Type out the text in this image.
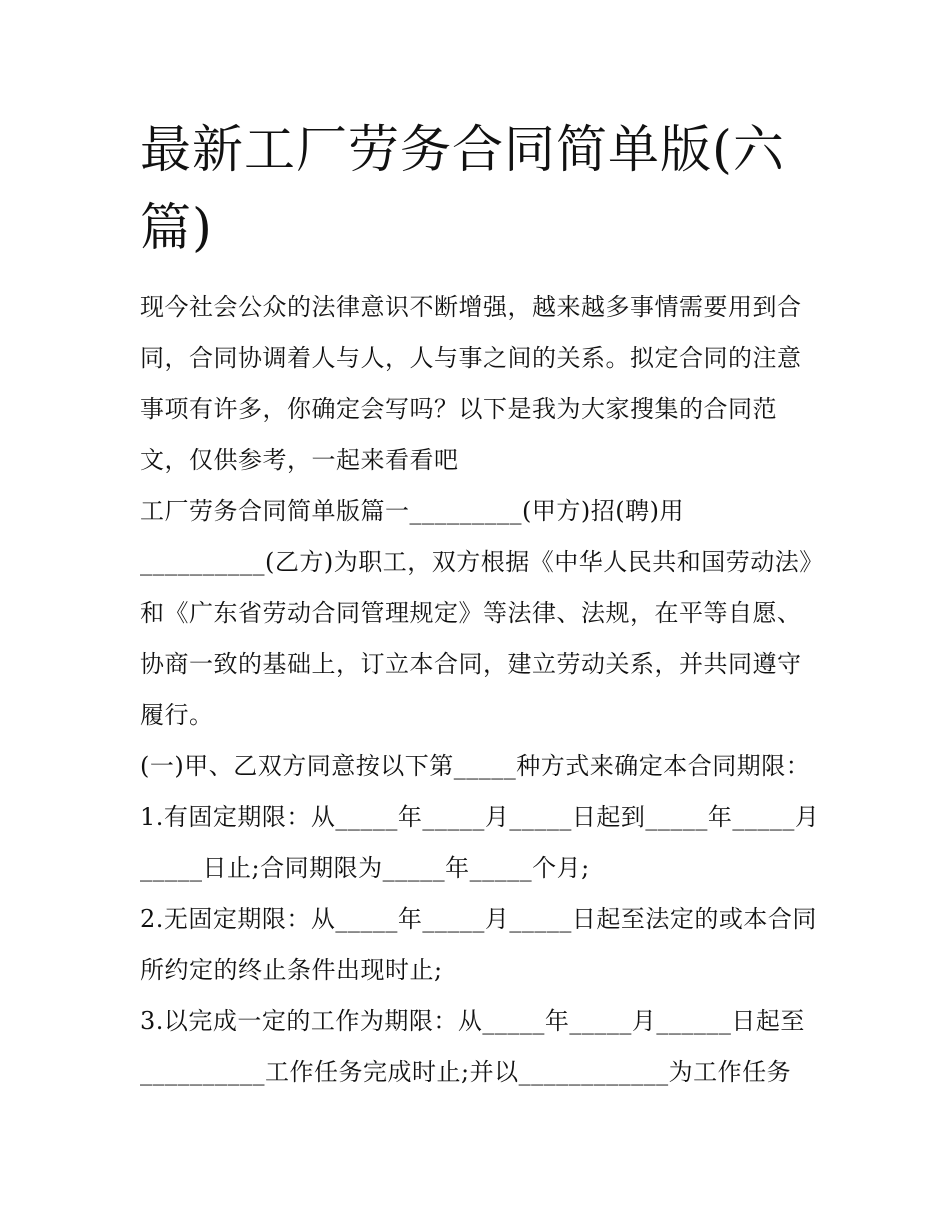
最新工厂劳务合同简单版(六篇)

现今社会公众的法律意识不断增强，越来越多事情需要用到合同，合同协调着人与人，人与事之间的关系。拟定合同的注意事项有许多，你确定会写吗？以下是我为大家搜集的合同范文，仅供参考，一起来看看吧

工厂劳务合同简单版篇一_________(甲方)招(聘)用__________(乙方)为职工，双方根据《中华人民共和国劳动法》和《广东省劳动合同管理规定》等法律、法规，在平等自愿、协商一致的基础上，订立本合同，建立劳动关系，并共同遵守履行。

(一)甲、乙双方同意按以下第_____种方式来确定本合同期限：

1.有固定期限：从_____年_____月_____日起到_____年_____月_____日止;合同期限为_____年_____个月;

2.无固定期限：从_____年_____月_____日起至法定的或本合同所约定的终止条件出现时止;

3.以完成一定的工作为期限：从_____年_____月______日起至__________工作任务完成时止;并以____________为工作任务
